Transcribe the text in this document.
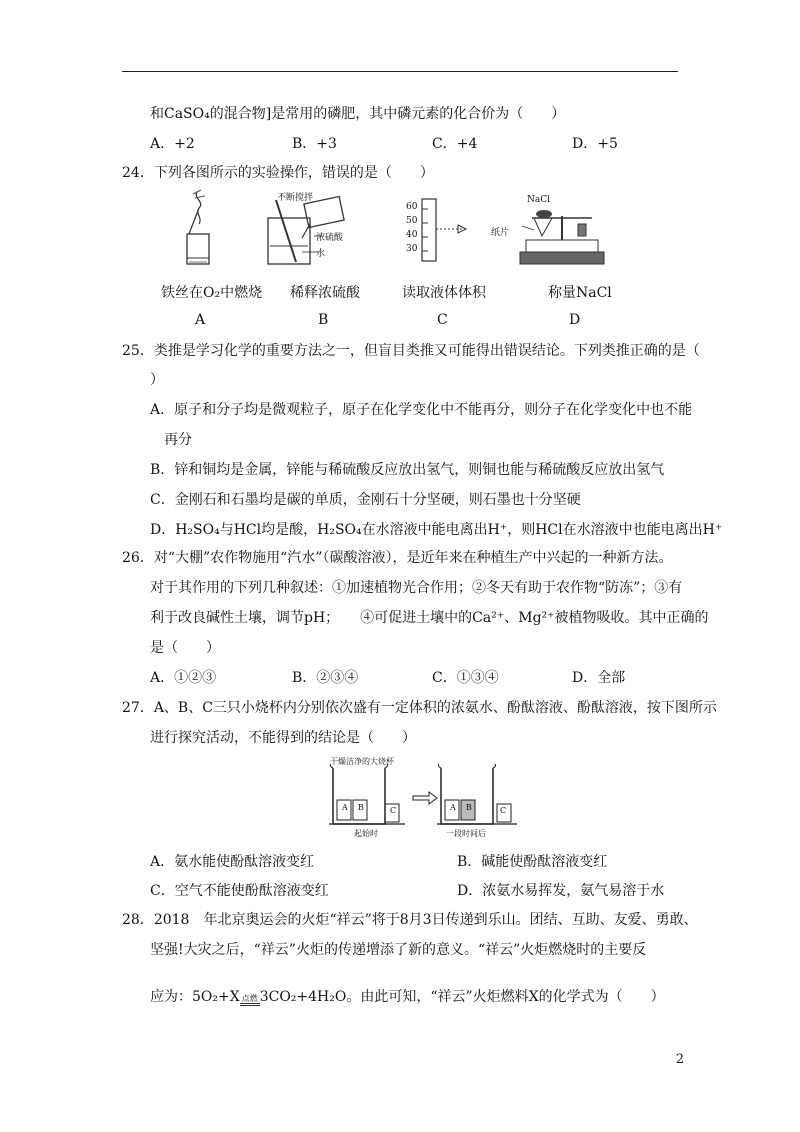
和CaSO₄的混合物]是常用的磷肥，其中磷元素的化合价为（　　）
A．+2	B．+3	C．+4	D．+5
24．下列各图所示的实验操作，错误的是（　　）
铁丝在O₂中燃烧
A
不断搅拌
浓硫酸
水
稀释浓硫酸
B
60
50
40
30
读取液体体积
C
NaCl
纸片
称量NaCl
D
25．类推是学习化学的重要方法之一，但盲目类推又可能得出错误结论。下列类推正确的是（
）
A．原子和分子均是微观粒子，原子在化学变化中不能再分，则分子在化学变化中也不能
再分
B．锌和铜均是金属，锌能与稀硫酸反应放出氢气，则铜也能与稀硫酸反应放出氢气
C．金刚石和石墨均是碳的单质，金刚石十分坚硬，则石墨也十分坚硬
D．H₂SO₄与HCl均是酸，H₂SO₄在水溶液中能电离出H⁺，则HCl在水溶液中也能电离出H⁺
26．对“大棚”农作物施用“汽水”（碳酸溶液），是近年来在种植生产中兴起的一种新方法。
对于其作用的下列几种叙述：①加速植物光合作用；②冬天有助于农作物“防冻”；③有
利于改良碱性土壤，调节pH；　　④可促进土壤中的Ca²⁺、Mg²⁺被植物吸收。其中正确的
是（　　）
A．①②③	B．②③④	C．①③④	D．全部
27．A、B、C三只小烧杯内分别依次盛有一定体积的浓氨水、酚酞溶液、酚酞溶液，按下图所示
进行探究活动，不能得到的结论是（　　）
干燥洁净的大烧杯
A B	C	A B	C
起始时	一段时间后
A．氨水能使酚酞溶液变红	B．碱能使酚酞溶液变红
C．空气不能使酚酞溶液变红	D．浓氨水易挥发，氨气易溶于水
28．2018　年北京奥运会的火炬“祥云”将于8月3日传递到乐山。团结、互助、友爱、勇敢、
坚强!大灾之后，“祥云”火炬的传递增添了新的意义。“祥云”火炬燃烧时的主要反
应为：5O₂+X 点燃 3CO₂+4H₂O。由此可知，“祥云”火炬燃料X的化学式为（　　）
2
